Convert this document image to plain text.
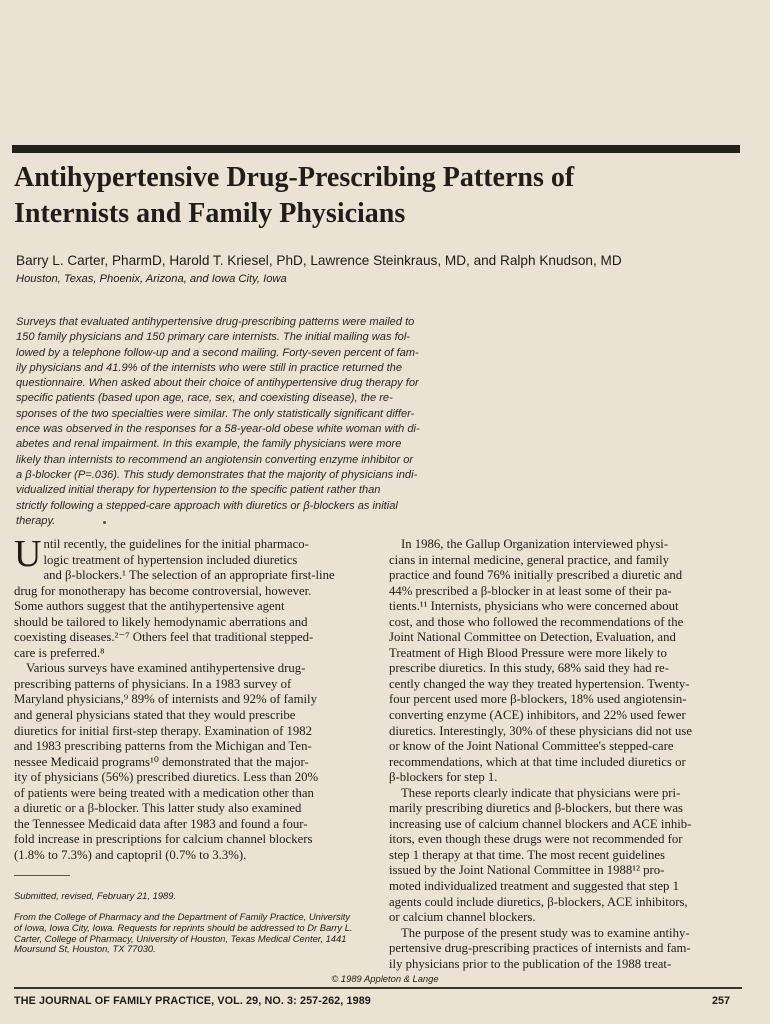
Antihypertensive Drug-Prescribing Patterns of
Internists and Family Physicians
Barry L. Carter, PharmD, Harold T. Kriesel, PhD, Lawrence Steinkraus, MD, and Ralph Knudson, MD
Houston, Texas, Phoenix, Arizona, and Iowa City, Iowa
Surveys that evaluated antihypertensive drug-prescribing patterns were mailed to
150 family physicians and 150 primary care internists. The initial mailing was fol-
lowed by a telephone follow-up and a second mailing. Forty-seven percent of fam-
ily physicians and 41.9% of the internists who were still in practice returned the
questionnaire. When asked about their choice of antihypertensive drug therapy for
specific patients (based upon age, race, sex, and coexisting disease), the re-
sponses of the two specialties were similar. The only statistically significant differ-
ence was observed in the responses for a 58-year-old obese white woman with di-
abetes and renal impairment. In this example, the family physicians were more
likely than internists to recommend an angiotensin converting enzyme inhibitor or
a β-blocker (P=.036). This study demonstrates that the majority of physicians indi-
vidualized initial therapy for hypertension to the specific patient rather than
strictly following a stepped-care approach with diuretics or β-blockers as initial
therapy.
U ntil recently, the guidelines for the initial pharmaco-
logic treatment of hypertension included diuretics
and β-blockers.¹ The selection of an appropriate first-line
drug for monotherapy has become controversial, however.
Some authors suggest that the antihypertensive agent
should be tailored to likely hemodynamic aberrations and
coexisting diseases.²⁻⁷ Others feel that traditional stepped-
care is preferred.⁸
Various surveys have examined antihypertensive drug-
prescribing patterns of physicians. In a 1983 survey of
Maryland physicians,⁹ 89% of internists and 92% of family
and general physicians stated that they would prescribe
diuretics for initial first-step therapy. Examination of 1982
and 1983 prescribing patterns from the Michigan and Ten-
nessee Medicaid programs¹⁰ demonstrated that the major-
ity of physicians (56%) prescribed diuretics. Less than 20%
of patients were being treated with a medication other than
a diuretic or a β-blocker. This latter study also examined
the Tennessee Medicaid data after 1983 and found a four-
fold increase in prescriptions for calcium channel blockers
(1.8% to 7.3%) and captopril (0.7% to 3.3%).
In 1986, the Gallup Organization interviewed physi-
cians in internal medicine, general practice, and family
practice and found 76% initially prescribed a diuretic and
44% prescribed a β-blocker in at least some of their pa-
tients.¹¹ Internists, physicians who were concerned about
cost, and those who followed the recommendations of the
Joint National Committee on Detection, Evaluation, and
Treatment of High Blood Pressure were more likely to
prescribe diuretics. In this study, 68% said they had re-
cently changed the way they treated hypertension. Twenty-
four percent used more β-blockers, 18% used angiotensin-
converting enzyme (ACE) inhibitors, and 22% used fewer
diuretics. Interestingly, 30% of these physicians did not use
or know of the Joint National Committee's stepped-care
recommendations, which at that time included diuretics or
β-blockers for step 1.
These reports clearly indicate that physicians were pri-
marily prescribing diuretics and β-blockers, but there was
increasing use of calcium channel blockers and ACE inhib-
itors, even though these drugs were not recommended for
step 1 therapy at that time. The most recent guidelines
issued by the Joint National Committee in 1988¹² pro-
moted individualized treatment and suggested that step 1
agents could include diuretics, β-blockers, ACE inhibitors,
or calcium channel blockers.
The purpose of the present study was to examine antihy-
pertensive drug-prescribing practices of internists and fam-
ily physicians prior to the publication of the 1988 treat-
Submitted, revised, February 21, 1989.
From the College of Pharmacy and the Department of Family Practice, University
of Iowa, Iowa City, Iowa. Requests for reprints should be addressed to Dr Barry L.
Carter, College of Pharmacy, University of Houston, Texas Medical Center, 1441
Moursund St, Houston, TX 77030.
© 1989 Appleton & Lange
THE JOURNAL OF FAMILY PRACTICE, VOL. 29, NO. 3: 257-262, 1989	257
